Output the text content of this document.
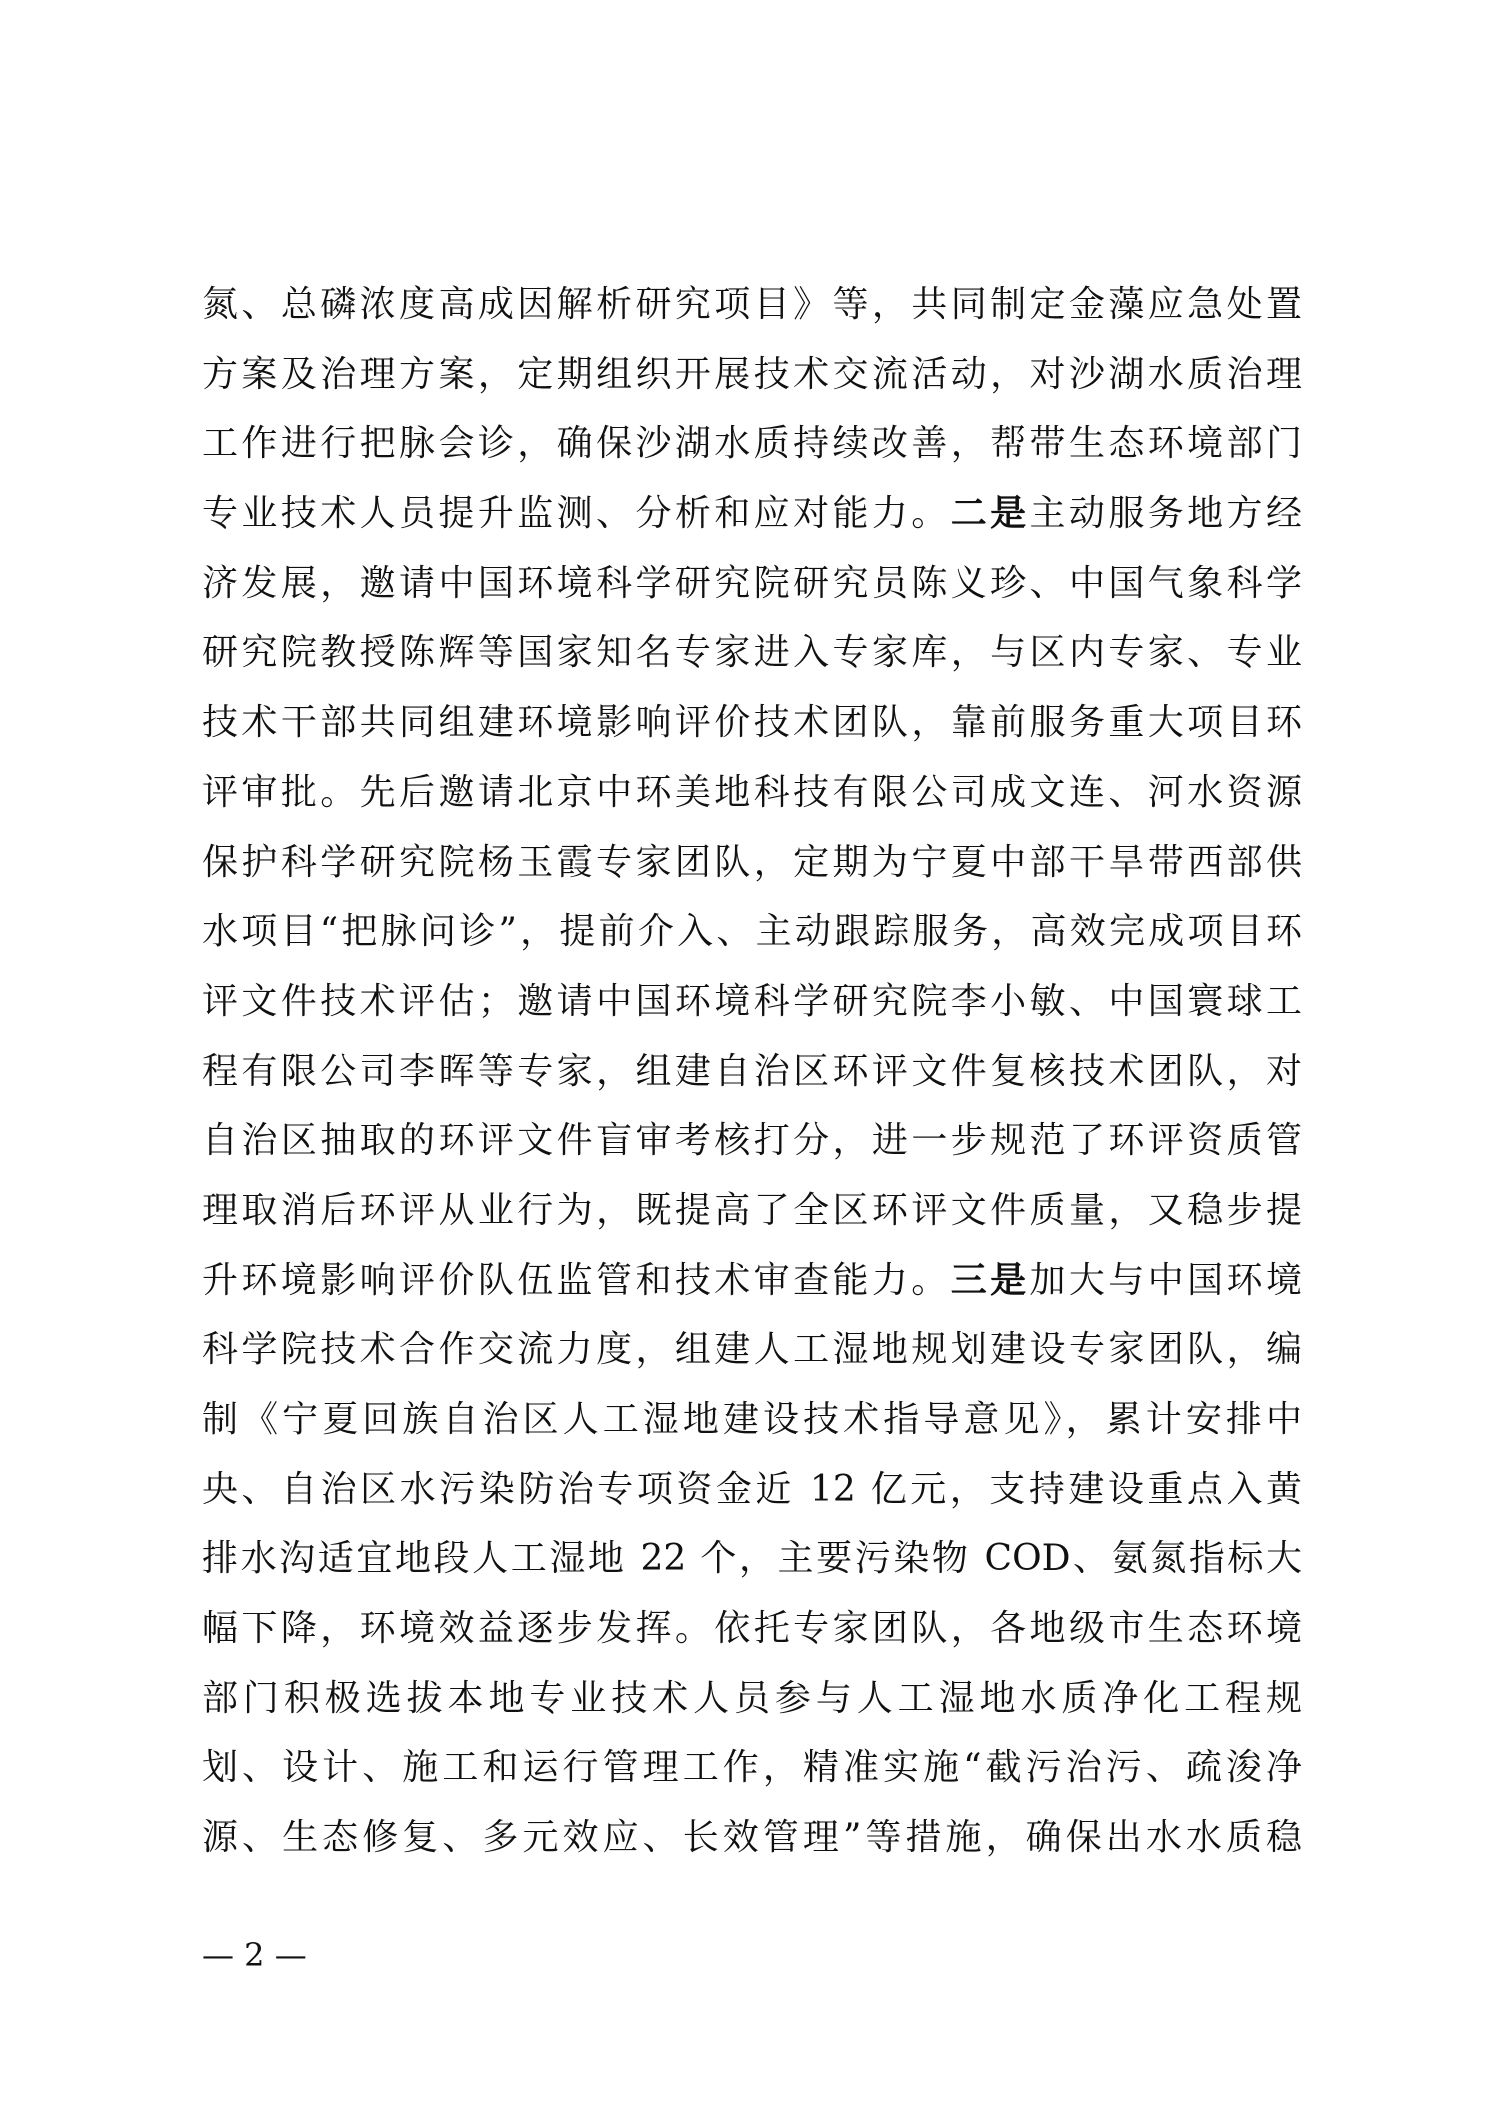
氮、总磷浓度高成因解析研究项目》等，共同制定金藻应急处置
方案及治理方案，定期组织开展技术交流活动，对沙湖水质治理
工作进行把脉会诊，确保沙湖水质持续改善，帮带生态环境部门
专业技术人员提升监测、分析和应对能力。二是主动服务地方经
济发展，邀请中国环境科学研究院研究员陈义珍、中国气象科学
研究院教授陈辉等国家知名专家进入专家库，与区内专家、专业
技术干部共同组建环境影响评价技术团队，靠前服务重大项目环
评审批。先后邀请北京中环美地科技有限公司成文连、河水资源
保护科学研究院杨玉霞专家团队，定期为宁夏中部干旱带西部供
水项目“把脉问诊”，提前介入、主动跟踪服务，高效完成项目环
评文件技术评估；邀请中国环境科学研究院李小敏、中国寰球工
程有限公司李晖等专家，组建自治区环评文件复核技术团队，对
自治区抽取的环评文件盲审考核打分，进一步规范了环评资质管
理取消后环评从业行为，既提高了全区环评文件质量，又稳步提
升环境影响评价队伍监管和技术审查能力。三是加大与中国环境
科学院技术合作交流力度，组建人工湿地规划建设专家团队，编
制《宁夏回族自治区人工湿地建设技术指导意见》，累计安排中
央、自治区水污染防治专项资金近 12 亿元，支持建设重点入黄
排水沟适宜地段人工湿地 22 个，主要污染物 COD、氨氮指标大
幅下降，环境效益逐步发挥。依托专家团队，各地级市生态环境
部门积极选拔本地专业技术人员参与人工湿地水质净化工程规
划、设计、施工和运行管理工作，精准实施“截污治污、疏浚净
源、生态修复、多元效应、长效管理”等措施，确保出水水质稳
— 2 —
